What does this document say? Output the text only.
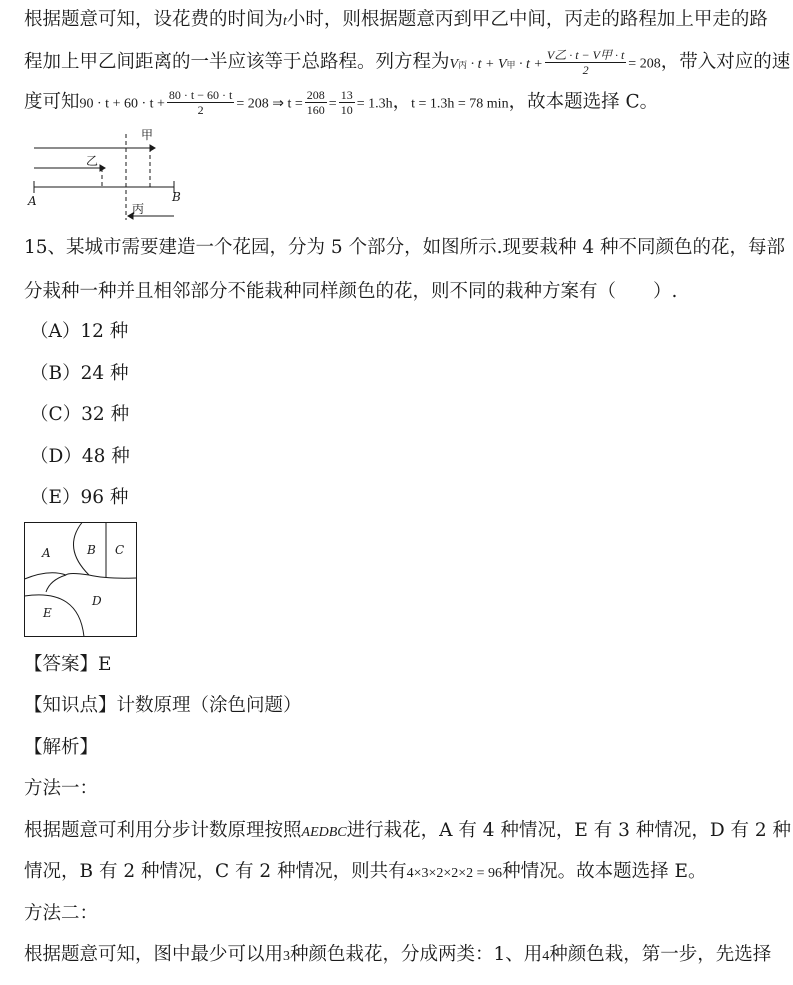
根据题意可知，设花费的时间为t小时，则根据题意丙到甲乙中间，丙走的路程加上甲走的路
程加上甲乙间距离的一半应该等于总路程。列方程为V丙 · t + V甲 · $t + \frac{\text{V乙 · t − V甲 · t}}{2} = 208$，带入对应的速
度可知$90 \cdot t + 60 \cdot t + \frac{80 \cdot t - 60 \cdot t}{2} = 208$ ⇒ $t = \frac{208}{160} = \frac{13}{10} = 1.3h$，t = 1.3h = 78 min，故本题选择 C。
甲
乙
丙
A	B
15、某城市需要建造一个花园，分为 5 个部分，如图所示.现要栽种 4 种不同颜色的花，每部
分栽种一种并且相邻部分不能栽种同样颜色的花，则不同的栽种方案有（　　）.
（A）12 种
（B）24 种
（C）32 种
（D）48 种
（E）96 种
A	B C
D
E
【答案】E
【知识点】计数原理（涂色问题）
【解析】
方法一：
根据题意可利用分步计数原理按照AEDBC进行栽花，A 有 4 种情况，E 有 3 种情况，D 有 2 种
情况，B 有 2 种情况，C 有 2 种情况，则共有4×3×2×2×2 = 96种情况。故本题选择 E。
方法二：
根据题意可知，图中最少可以用3种颜色栽花，分成两类：1、用4种颜色栽，第一步，先选择
